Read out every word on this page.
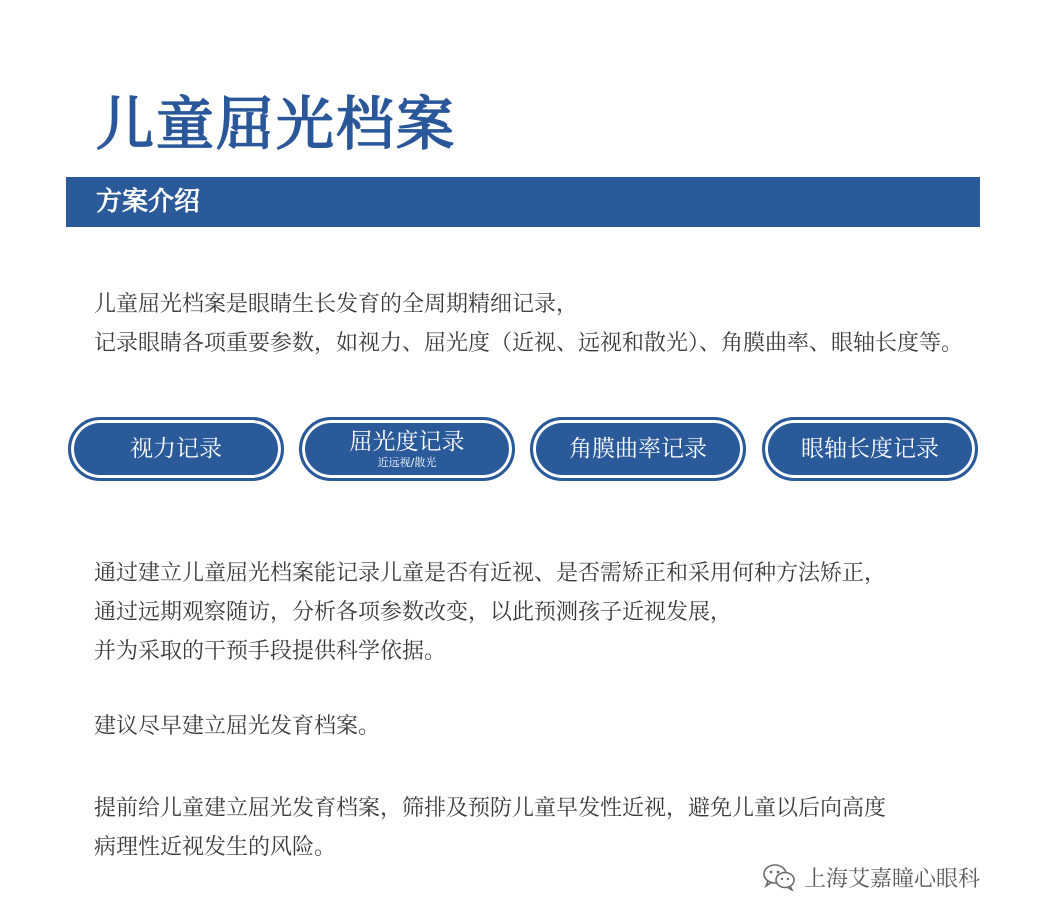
儿童屈光档案
方案介绍
儿童屈光档案是眼睛生长发育的全周期精细记录，
记录眼睛各项重要参数，如视力、屈光度（近视、远视和散光）、角膜曲率、眼轴长度等。
视力记录	屈光度记录
近远视/散光
角膜曲率记录	眼轴长度记录
通过建立儿童屈光档案能记录儿童是否有近视、是否需矫正和采用何种方法矫正，
通过远期观察随访，分析各项参数改变，以此预测孩子近视发展，
并为采取的干预手段提供科学依据。
建议尽早建立屈光发育档案。
提前给儿童建立屈光发育档案，筛排及预防儿童早发性近视，避免儿童以后向高度
病理性近视发生的风险。
上海艾嘉瞳心眼科
